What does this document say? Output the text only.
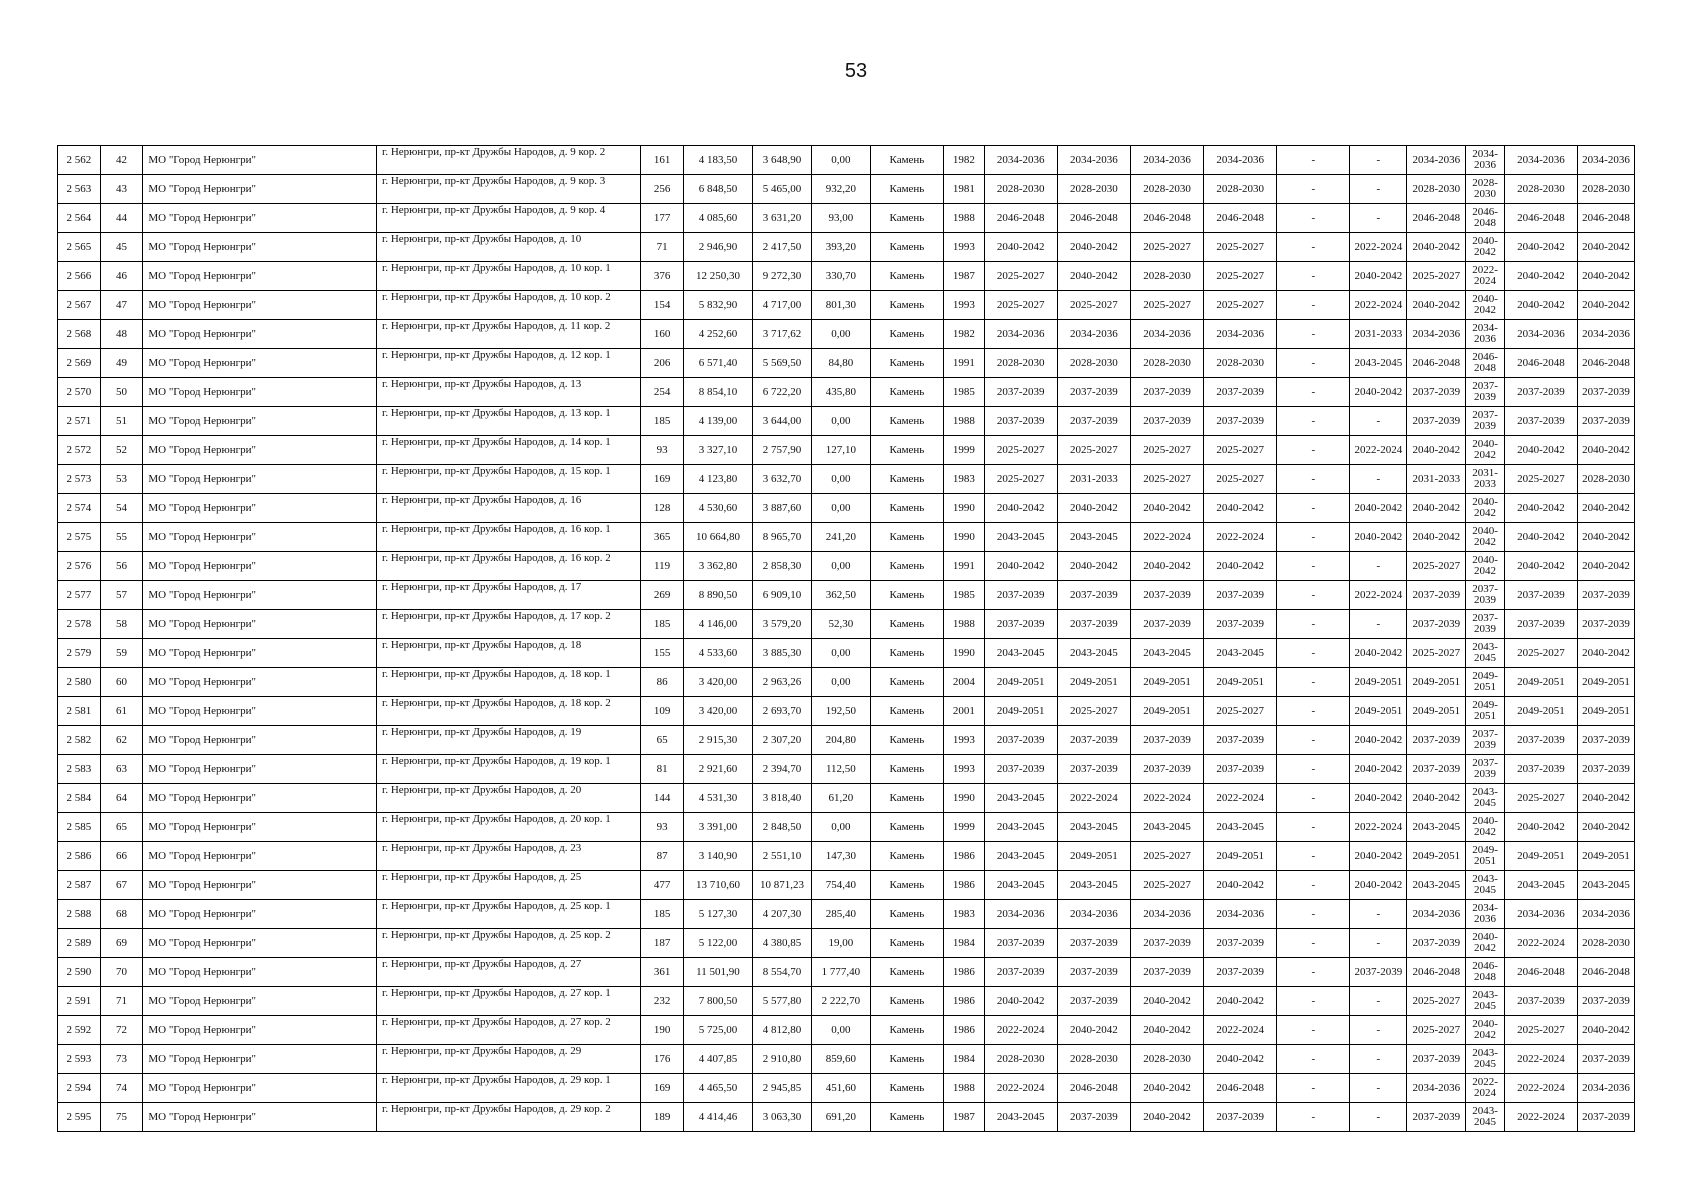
53
2 562	42	МО "Город Нерюнгри"	г. Нерюнгри, пр-кт Дружбы Народов, д. 9 кор. 2	161	4 183,50	3 648,90	0,00	Камень	1982	2034-2036	2034-2036	2034-2036	2034-2036	-	-	2034-2036	2034-2036	2034-2036	2034-2036
2 563	43	МО "Город Нерюнгри"	г. Нерюнгри, пр-кт Дружбы Народов, д. 9 кор. 3	256	6 848,50	5 465,00	932,20	Камень	1981	2028-2030	2028-2030	2028-2030	2028-2030	-	-	2028-2030	2028-2030	2028-2030	2028-2030
2 564	44	МО "Город Нерюнгри"	г. Нерюнгри, пр-кт Дружбы Народов, д. 9 кор. 4	177	4 085,60	3 631,20	93,00	Камень	1988	2046-2048	2046-2048	2046-2048	2046-2048	-	-	2046-2048	2046-2048	2046-2048	2046-2048
2 565	45	МО "Город Нерюнгри"	г. Нерюнгри, пр-кт Дружбы Народов, д. 10	71	2 946,90	2 417,50	393,20	Камень	1993	2040-2042	2040-2042	2025-2027	2025-2027	-	2022-2024	2040-2042	2040-2042	2040-2042	2040-2042
2 566	46	МО "Город Нерюнгри"	г. Нерюнгри, пр-кт Дружбы Народов, д. 10 кор. 1	376	12 250,30	9 272,30	330,70	Камень	1987	2025-2027	2040-2042	2028-2030	2025-2027	-	2040-2042	2025-2027	2022-2024	2040-2042	2040-2042
2 567	47	МО "Город Нерюнгри"	г. Нерюнгри, пр-кт Дружбы Народов, д. 10 кор. 2	154	5 832,90	4 717,00	801,30	Камень	1993	2025-2027	2025-2027	2025-2027	2025-2027	-	2022-2024	2040-2042	2040-2042	2040-2042	2040-2042
2 568	48	МО "Город Нерюнгри"	г. Нерюнгри, пр-кт Дружбы Народов, д. 11 кор. 2	160	4 252,60	3 717,62	0,00	Камень	1982	2034-2036	2034-2036	2034-2036	2034-2036	-	2031-2033	2034-2036	2034-2036	2034-2036	2034-2036
2 569	49	МО "Город Нерюнгри"	г. Нерюнгри, пр-кт Дружбы Народов, д. 12 кор. 1	206	6 571,40	5 569,50	84,80	Камень	1991	2028-2030	2028-2030	2028-2030	2028-2030	-	2043-2045	2046-2048	2046-2048	2046-2048	2046-2048
2 570	50	МО "Город Нерюнгри"	г. Нерюнгри, пр-кт Дружбы Народов, д. 13	254	8 854,10	6 722,20	435,80	Камень	1985	2037-2039	2037-2039	2037-2039	2037-2039	-	2040-2042	2037-2039	2037-2039	2037-2039	2037-2039
2 571	51	МО "Город Нерюнгри"	г. Нерюнгри, пр-кт Дружбы Народов, д. 13 кор. 1	185	4 139,00	3 644,00	0,00	Камень	1988	2037-2039	2037-2039	2037-2039	2037-2039	-	-	2037-2039	2037-2039	2037-2039	2037-2039
2 572	52	МО "Город Нерюнгри"	г. Нерюнгри, пр-кт Дружбы Народов, д. 14 кор. 1	93	3 327,10	2 757,90	127,10	Камень	1999	2025-2027	2025-2027	2025-2027	2025-2027	-	2022-2024	2040-2042	2040-2042	2040-2042	2040-2042
2 573	53	МО "Город Нерюнгри"	г. Нерюнгри, пр-кт Дружбы Народов, д. 15 кор. 1	169	4 123,80	3 632,70	0,00	Камень	1983	2025-2027	2031-2033	2025-2027	2025-2027	-	-	2031-2033	2031-2033	2025-2027	2028-2030
2 574	54	МО "Город Нерюнгри"	г. Нерюнгри, пр-кт Дружбы Народов, д. 16	128	4 530,60	3 887,60	0,00	Камень	1990	2040-2042	2040-2042	2040-2042	2040-2042	-	2040-2042	2040-2042	2040-2042	2040-2042	2040-2042
2 575	55	МО "Город Нерюнгри"	г. Нерюнгри, пр-кт Дружбы Народов, д. 16 кор. 1	365	10 664,80	8 965,70	241,20	Камень	1990	2043-2045	2043-2045	2022-2024	2022-2024	-	2040-2042	2040-2042	2040-2042	2040-2042	2040-2042
2 576	56	МО "Город Нерюнгри"	г. Нерюнгри, пр-кт Дружбы Народов, д. 16 кор. 2	119	3 362,80	2 858,30	0,00	Камень	1991	2040-2042	2040-2042	2040-2042	2040-2042	-	-	2025-2027	2040-2042	2040-2042	2040-2042
2 577	57	МО "Город Нерюнгри"	г. Нерюнгри, пр-кт Дружбы Народов, д. 17	269	8 890,50	6 909,10	362,50	Камень	1985	2037-2039	2037-2039	2037-2039	2037-2039	-	2022-2024	2037-2039	2037-2039	2037-2039	2037-2039
2 578	58	МО "Город Нерюнгри"	г. Нерюнгри, пр-кт Дружбы Народов, д. 17 кор. 2	185	4 146,00	3 579,20	52,30	Камень	1988	2037-2039	2037-2039	2037-2039	2037-2039	-	-	2037-2039	2037-2039	2037-2039	2037-2039
2 579	59	МО "Город Нерюнгри"	г. Нерюнгри, пр-кт Дружбы Народов, д. 18	155	4 533,60	3 885,30	0,00	Камень	1990	2043-2045	2043-2045	2043-2045	2043-2045	-	2040-2042	2025-2027	2043-2045	2025-2027	2040-2042
2 580	60	МО "Город Нерюнгри"	г. Нерюнгри, пр-кт Дружбы Народов, д. 18 кор. 1	86	3 420,00	2 963,26	0,00	Камень	2004	2049-2051	2049-2051	2049-2051	2049-2051	-	2049-2051	2049-2051	2049-2051	2049-2051	2049-2051
2 581	61	МО "Город Нерюнгри"	г. Нерюнгри, пр-кт Дружбы Народов, д. 18 кор. 2	109	3 420,00	2 693,70	192,50	Камень	2001	2049-2051	2025-2027	2049-2051	2025-2027	-	2049-2051	2049-2051	2049-2051	2049-2051	2049-2051
2 582	62	МО "Город Нерюнгри"	г. Нерюнгри, пр-кт Дружбы Народов, д. 19	65	2 915,30	2 307,20	204,80	Камень	1993	2037-2039	2037-2039	2037-2039	2037-2039	-	2040-2042	2037-2039	2037-2039	2037-2039	2037-2039
2 583	63	МО "Город Нерюнгри"	г. Нерюнгри, пр-кт Дружбы Народов, д. 19 кор. 1	81	2 921,60	2 394,70	112,50	Камень	1993	2037-2039	2037-2039	2037-2039	2037-2039	-	2040-2042	2037-2039	2037-2039	2037-2039	2037-2039
2 584	64	МО "Город Нерюнгри"	г. Нерюнгри, пр-кт Дружбы Народов, д. 20	144	4 531,30	3 818,40	61,20	Камень	1990	2043-2045	2022-2024	2022-2024	2022-2024	-	2040-2042	2040-2042	2043-2045	2025-2027	2040-2042
2 585	65	МО "Город Нерюнгри"	г. Нерюнгри, пр-кт Дружбы Народов, д. 20 кор. 1	93	3 391,00	2 848,50	0,00	Камень	1999	2043-2045	2043-2045	2043-2045	2043-2045	-	2022-2024	2043-2045	2040-2042	2040-2042	2040-2042
2 586	66	МО "Город Нерюнгри"	г. Нерюнгри, пр-кт Дружбы Народов, д. 23	87	3 140,90	2 551,10	147,30	Камень	1986	2043-2045	2049-2051	2025-2027	2049-2051	-	2040-2042	2049-2051	2049-2051	2049-2051	2049-2051
2 587	67	МО "Город Нерюнгри"	г. Нерюнгри, пр-кт Дружбы Народов, д. 25	477	13 710,60	10 871,23	754,40	Камень	1986	2043-2045	2043-2045	2025-2027	2040-2042	-	2040-2042	2043-2045	2043-2045	2043-2045	2043-2045
2 588	68	МО "Город Нерюнгри"	г. Нерюнгри, пр-кт Дружбы Народов, д. 25 кор. 1	185	5 127,30	4 207,30	285,40	Камень	1983	2034-2036	2034-2036	2034-2036	2034-2036	-	-	2034-2036	2034-2036	2034-2036	2034-2036
2 589	69	МО "Город Нерюнгри"	г. Нерюнгри, пр-кт Дружбы Народов, д. 25 кор. 2	187	5 122,00	4 380,85	19,00	Камень	1984	2037-2039	2037-2039	2037-2039	2037-2039	-	-	2037-2039	2040-2042	2022-2024	2028-2030
2 590	70	МО "Город Нерюнгри"	г. Нерюнгри, пр-кт Дружбы Народов, д. 27	361	11 501,90	8 554,70	1 777,40	Камень	1986	2037-2039	2037-2039	2037-2039	2037-2039	-	2037-2039	2046-2048	2046-2048	2046-2048	2046-2048
2 591	71	МО "Город Нерюнгри"	г. Нерюнгри, пр-кт Дружбы Народов, д. 27 кор. 1	232	7 800,50	5 577,80	2 222,70	Камень	1986	2040-2042	2037-2039	2040-2042	2040-2042	-	-	2025-2027	2043-2045	2037-2039	2037-2039
2 592	72	МО "Город Нерюнгри"	г. Нерюнгри, пр-кт Дружбы Народов, д. 27 кор. 2	190	5 725,00	4 812,80	0,00	Камень	1986	2022-2024	2040-2042	2040-2042	2022-2024	-	-	2025-2027	2040-2042	2025-2027	2040-2042
2 593	73	МО "Город Нерюнгри"	г. Нерюнгри, пр-кт Дружбы Народов, д. 29	176	4 407,85	2 910,80	859,60	Камень	1984	2028-2030	2028-2030	2028-2030	2040-2042	-	-	2037-2039	2043-2045	2022-2024	2037-2039
2 594	74	МО "Город Нерюнгри"	г. Нерюнгри, пр-кт Дружбы Народов, д. 29 кор. 1	169	4 465,50	2 945,85	451,60	Камень	1988	2022-2024	2046-2048	2040-2042	2046-2048	-	-	2034-2036	2022-2024	2022-2024	2034-2036
2 595	75	МО "Город Нерюнгри"	г. Нерюнгри, пр-кт Дружбы Народов, д. 29 кор. 2	189	4 414,46	3 063,30	691,20	Камень	1987	2043-2045	2037-2039	2040-2042	2037-2039	-	-	2037-2039	2043-2045	2022-2024	2037-2039
